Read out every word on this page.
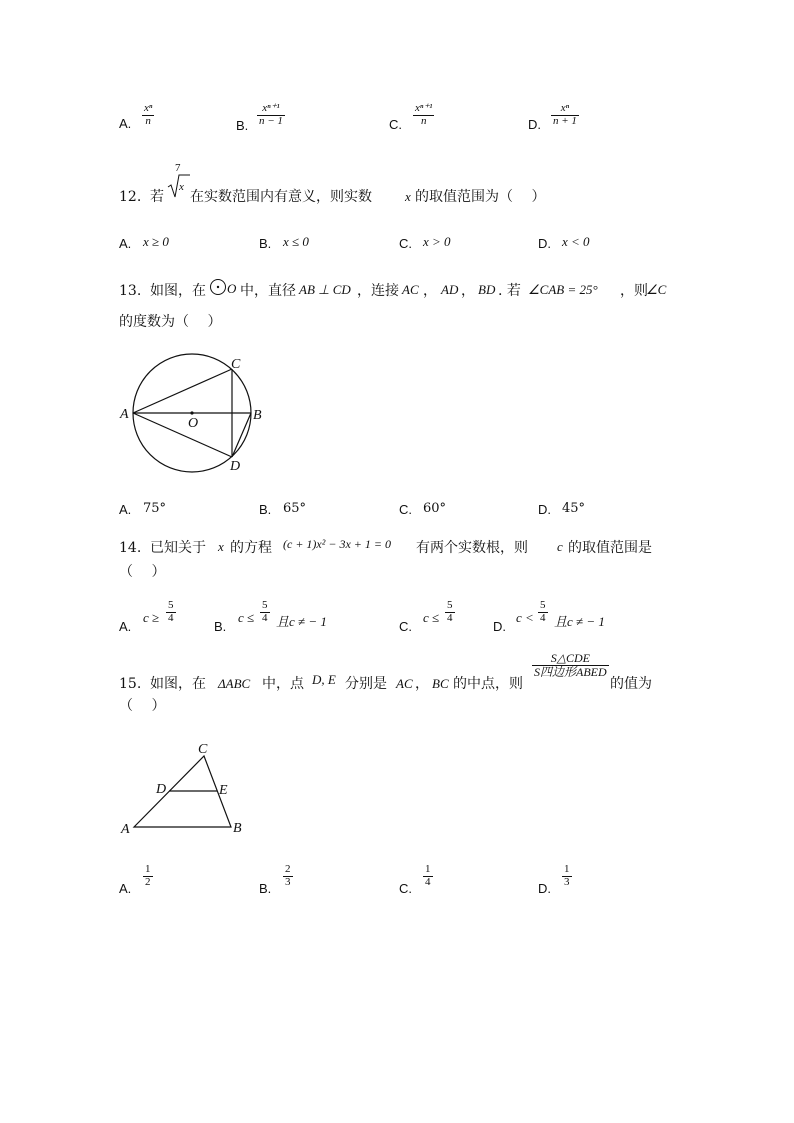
A. $\frac{\text{xⁿ}}{n}$	B. $\frac{\text{xⁿ⁺¹}}{n - 1}$	C. $\frac{\text{xⁿ⁺¹}}{n}$	D. $\frac{\text{xⁿ}}{n + 1}$
12. 若
7
x
在实数范围内有意义，则实数	x 的取值范围为（　 ）
A. x ≥ 0	B. x ≤ 0	C. x > 0	D. x < 0
13. 如图，在 O 中，直径 AB ⊥ CD ，连接 AC ， AD ， BD . 若 ∠CAB = 25° ，则
∠C
的度数为（　 ）
A	B
C
D
O
A. 75°	B. 65°	C. 60°	D. 45°
14. 已知关于 x 的方程 (c + 1)x² − 3x + 1 = 0 有两个实数根，则 c 的取值范围是
（　 ）
A.
$c \ge \frac{5}{4}$
B.
$c \le \frac{5}{4}$ 且c ≠ − 1	C.
$c \le \frac{5}{4}$
D.
$c < \frac{5}{4}$ 且c ≠ − 1
15. 如图，在 ΔABC 中，点 D, E 分别是 AC ， BC 的中点，则
S△CDE
S四边形ABED
的值为
（　 ）
A	B
C
D	E
A.
$\frac{1}{2}$
B.
$\frac{2}{3}$
C.
$\frac{1}{4}$
D.
$\frac{1}{3}$
